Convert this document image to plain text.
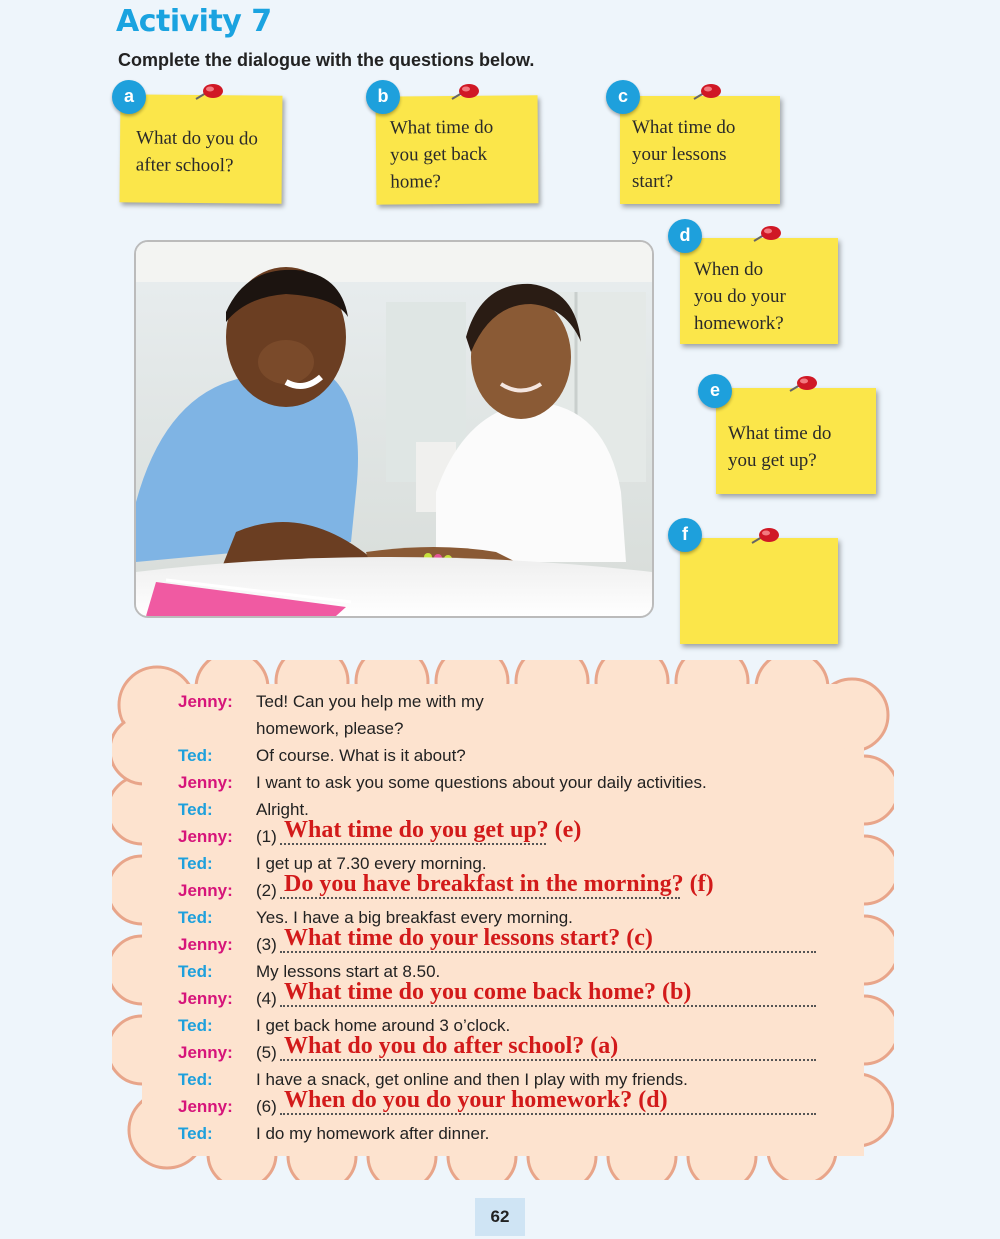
Activity 7
Complete the dialogue with the questions below.
What do you do
after school?
a
What time do
you get back
home?
b
What time do
your lessons
start?
c
When do
you do your
homework?
d
What time do
you get up?
e
f
Jenny: Ted! Can you help me with my
homework, please?
Ted:	Of course. What is it about?
Jenny: I want to ask you some questions about your daily activities.
Ted:	Alright.
Jenny: (1) What time do you get up? (e)
Ted:	I get up at 7.30 every morning.
Jenny: (2) Do you have breakfast in the morning? (f)
Ted:	Yes. I have a big breakfast every morning.
Jenny: (3) What time do your lessons start? (c)
Ted:	My lessons start at 8.50.
Jenny: (4) What time do you come back home? (b)
Ted:	I get back home around 3 o’clock.
Jenny: (5) What do you do after school? (a)
Ted:	I have a snack, get online and then I play with my friends.
Jenny: (6) When do you do your homework? (d)
Ted:	I do my homework after dinner.
62
